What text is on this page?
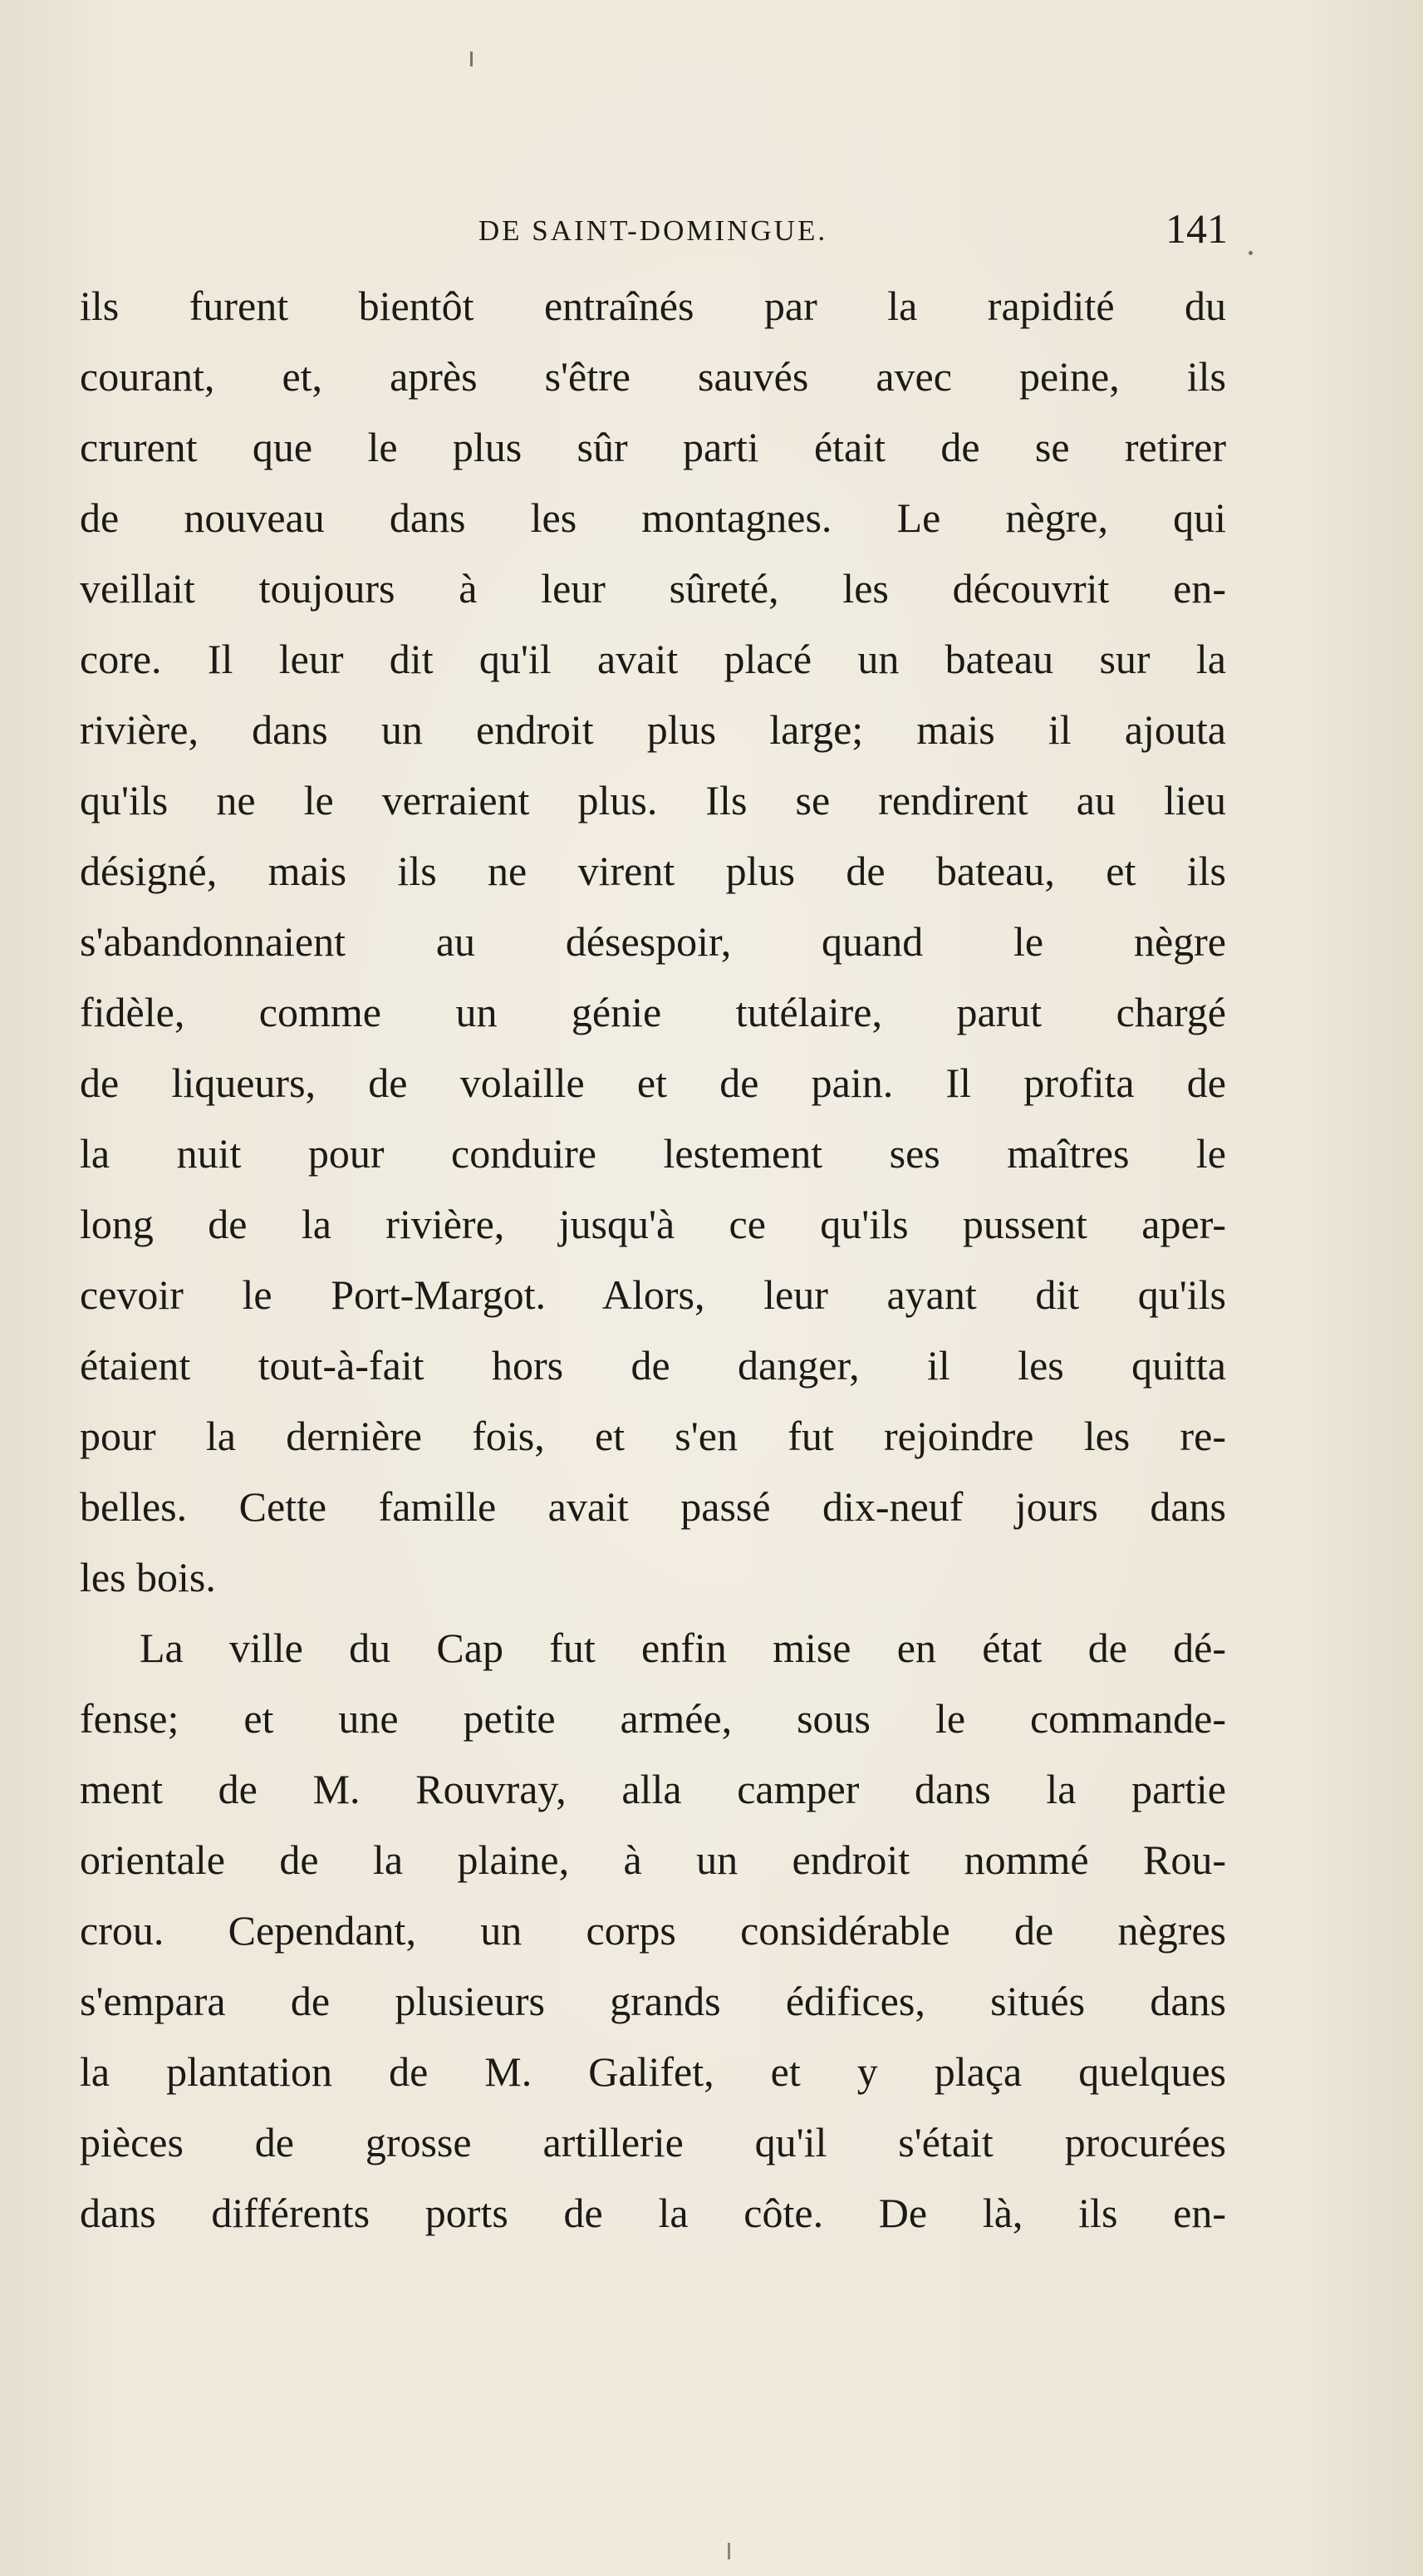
DE SAINT-DOMINGUE.	141
ils furent bientôt entraînés par la rapidité du
courant, et, après s'être sauvés avec peine, ils
crurent que le plus sûr parti était de se retirer
de nouveau dans les montagnes. Le nègre, qui
veillait toujours à leur sûreté, les découvrit en-
core. Il leur dit qu'il avait placé un bateau sur la
rivière, dans un endroit plus large; mais il ajouta
qu'ils ne le verraient plus. Ils se rendirent au lieu
désigné, mais ils ne virent plus de bateau, et ils
s'abandonnaient au désespoir, quand le nègre
fidèle, comme un génie tutélaire, parut chargé
de liqueurs, de volaille et de pain. Il profita de
la nuit pour conduire lestement ses maîtres le
long de la rivière, jusqu'à ce qu'ils pussent aper-
cevoir le Port-Margot. Alors, leur ayant dit qu'ils
étaient tout-à-fait hors de danger, il les quitta
pour la dernière fois, et s'en fut rejoindre les re-
belles. Cette famille avait passé dix-neuf jours dans
les bois.
La ville du Cap fut enfin mise en état de dé-
fense; et une petite armée, sous le commande-
ment de M. Rouvray, alla camper dans la partie
orientale de la plaine, à un endroit nommé Rou-
crou. Cependant, un corps considérable de nègres
s'empara de plusieurs grands édifices, situés dans
la plantation de M. Galifet, et y plaça quelques
pièces de grosse artillerie qu'il s'était procurées
dans différents ports de la côte. De là, ils en-
